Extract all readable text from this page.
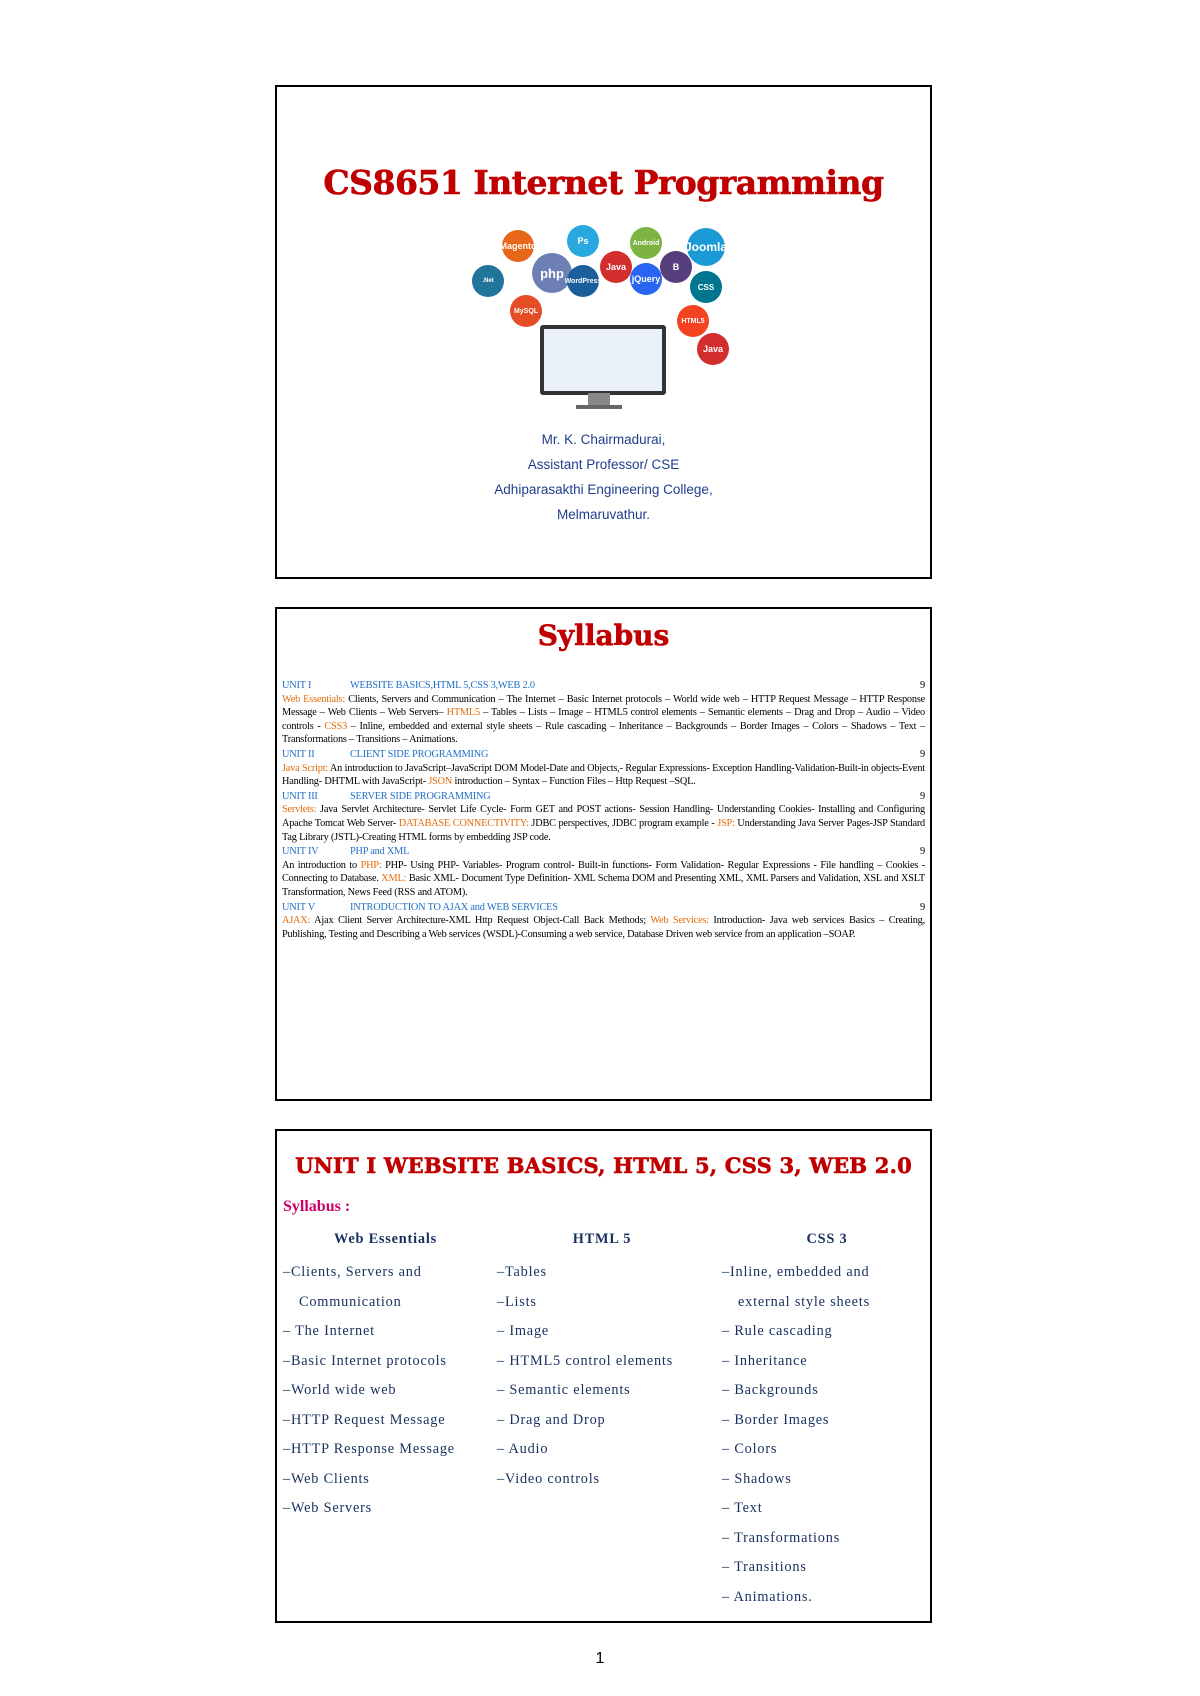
CS8651 Internet Programming
Magento
php
Ps
Java
Android
B
Joomla
.Net	WordPress	jQuery
CSS
MySQL
HTML5
Java
Mr. K. Chairmadurai,
Assistant Professor/ CSE
Adhiparasakthi Engineering College,
Melmaruvathur.
Syllabus
UNIT I	WEBSITE BASICS,HTML 5,CSS 3,WEB 2.0	9
Web Essentials: Clients, Servers and Communication – The Internet – Basic Internet protocols – World wide web – HTTP Request Message – HTTP Response Message – Web Clients – Web Servers– HTML5 – Tables – Lists – Image – HTML5 control elements – Semantic elements – Drag and Drop – Audio – Video controls - CSS3 – Inline, embedded and external style sheets – Rule cascading – Inheritance – Backgrounds – Border Images – Colors – Shadows – Text – Transformations – Transitions – Animations.
UNIT II	CLIENT SIDE PROGRAMMING	9
Java Script: An introduction to JavaScript–JavaScript DOM Model-Date and Objects,- Regular Expressions- Exception Handling-Validation-Built-in objects-Event Handling- DHTML with JavaScript- JSON introduction – Syntax – Function Files – Http Request –SQL.
UNIT III	SERVER SIDE PROGRAMMING	9
Servlets: Java Servlet Architecture- Servlet Life Cycle- Form GET and POST actions- Session Handling- Understanding Cookies- Installing and Configuring Apache Tomcat Web Server- DATABASE CONNECTIVITY: JDBC perspectives, JDBC program example - JSP: Understanding Java Server Pages-JSP Standard Tag Library (JSTL)-Creating HTML forms by embedding JSP code.
UNIT IV	PHP and XML	9
An introduction to PHP: PHP- Using PHP- Variables- Program control- Built-in functions- Form Validation- Regular Expressions - File handling – Cookies - Connecting to Database. XML: Basic XML- Document Type Definition- XML Schema DOM and Presenting XML, XML Parsers and Validation, XSL and XSLT Transformation, News Feed (RSS and ATOM).
UNIT V	INTRODUCTION TO AJAX and WEB SERVICES	9
AJAX: Ajax Client Server Architecture-XML Http Request Object-Call Back Methods; Web Services: Introduction- Java web services Basics – Creating, Publishing, Testing and Describing a Web services (WSDL)-Consuming a web service, Database Driven web service from an application –SOAP.
UNIT I WEBSITE BASICS, HTML 5, CSS 3, WEB 2.0
Syllabus :
Web Essentials
–Clients, Servers and
Communication
– The Internet
–Basic Internet protocols
–World wide web
–HTTP Request Message
–HTTP Response Message
–Web Clients
–Web Servers
HTML 5
–Tables
–Lists
– Image
– HTML5 control elements
– Semantic elements
– Drag and Drop
– Audio
–Video controls
CSS 3
–Inline, embedded and
external style sheets
– Rule cascading
– Inheritance
– Backgrounds
– Border Images
– Colors
– Shadows
– Text
– Transformations
– Transitions
– Animations.
1
